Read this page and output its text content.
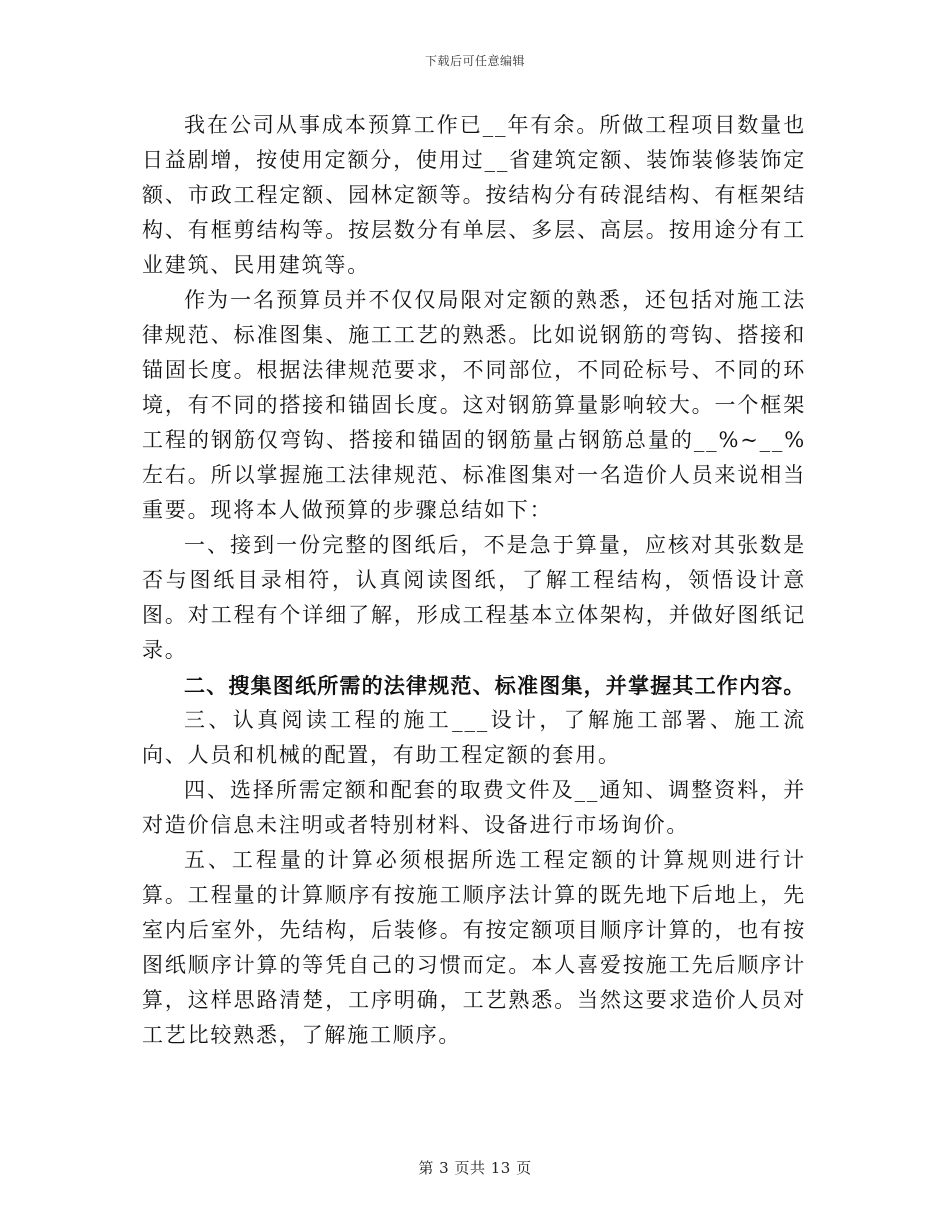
下载后可任意编辑

我在公司从事成本预算工作已__年有余。所做工程项目数量也日益剧增，按使用定额分，使用过__省建筑定额、装饰装修装饰定额、市政工程定额、园林定额等。按结构分有砖混结构、有框架结构、有框剪结构等。按层数分有单层、多层、高层。按用途分有工业建筑、民用建筑等。

作为一名预算员并不仅仅局限对定额的熟悉，还包括对施工法律规范、标准图集、施工工艺的熟悉。比如说钢筋的弯钩、搭接和锚固长度。根据法律规范要求，不同部位，不同砼标号、不同的环境，有不同的搭接和锚固长度。这对钢筋算量影响较大。一个框架工程的钢筋仅弯钩、搭接和锚固的钢筋量占钢筋总量的__%~__%左右。所以掌握施工法律规范、标准图集对一名造价人员来说相当重要。现将本人做预算的步骤总结如下：

一、接到一份完整的图纸后，不是急于算量，应核对其张数是否与图纸目录相符，认真阅读图纸，了解工程结构，领悟设计意图。对工程有个详细了解，形成工程基本立体架构，并做好图纸记录。

二、搜集图纸所需的法律规范、标准图集，并掌握其工作内容。

三、认真阅读工程的施工___设计，了解施工部署、施工流向、人员和机械的配置，有助工程定额的套用。

四、选择所需定额和配套的取费文件及__通知、调整资料，并对造价信息未注明或者特别材料、设备进行市场询价。

五、工程量的计算必须根据所选工程定额的计算规则进行计算。工程量的计算顺序有按施工顺序法计算的既先地下后地上，先室内后室外，先结构，后装修。有按定额项目顺序计算的，也有按图纸顺序计算的等凭自己的习惯而定。本人喜爱按施工先后顺序计算，这样思路清楚，工序明确，工艺熟悉。当然这要求造价人员对工艺比较熟悉，了解施工顺序。

第 3 页共 13 页
